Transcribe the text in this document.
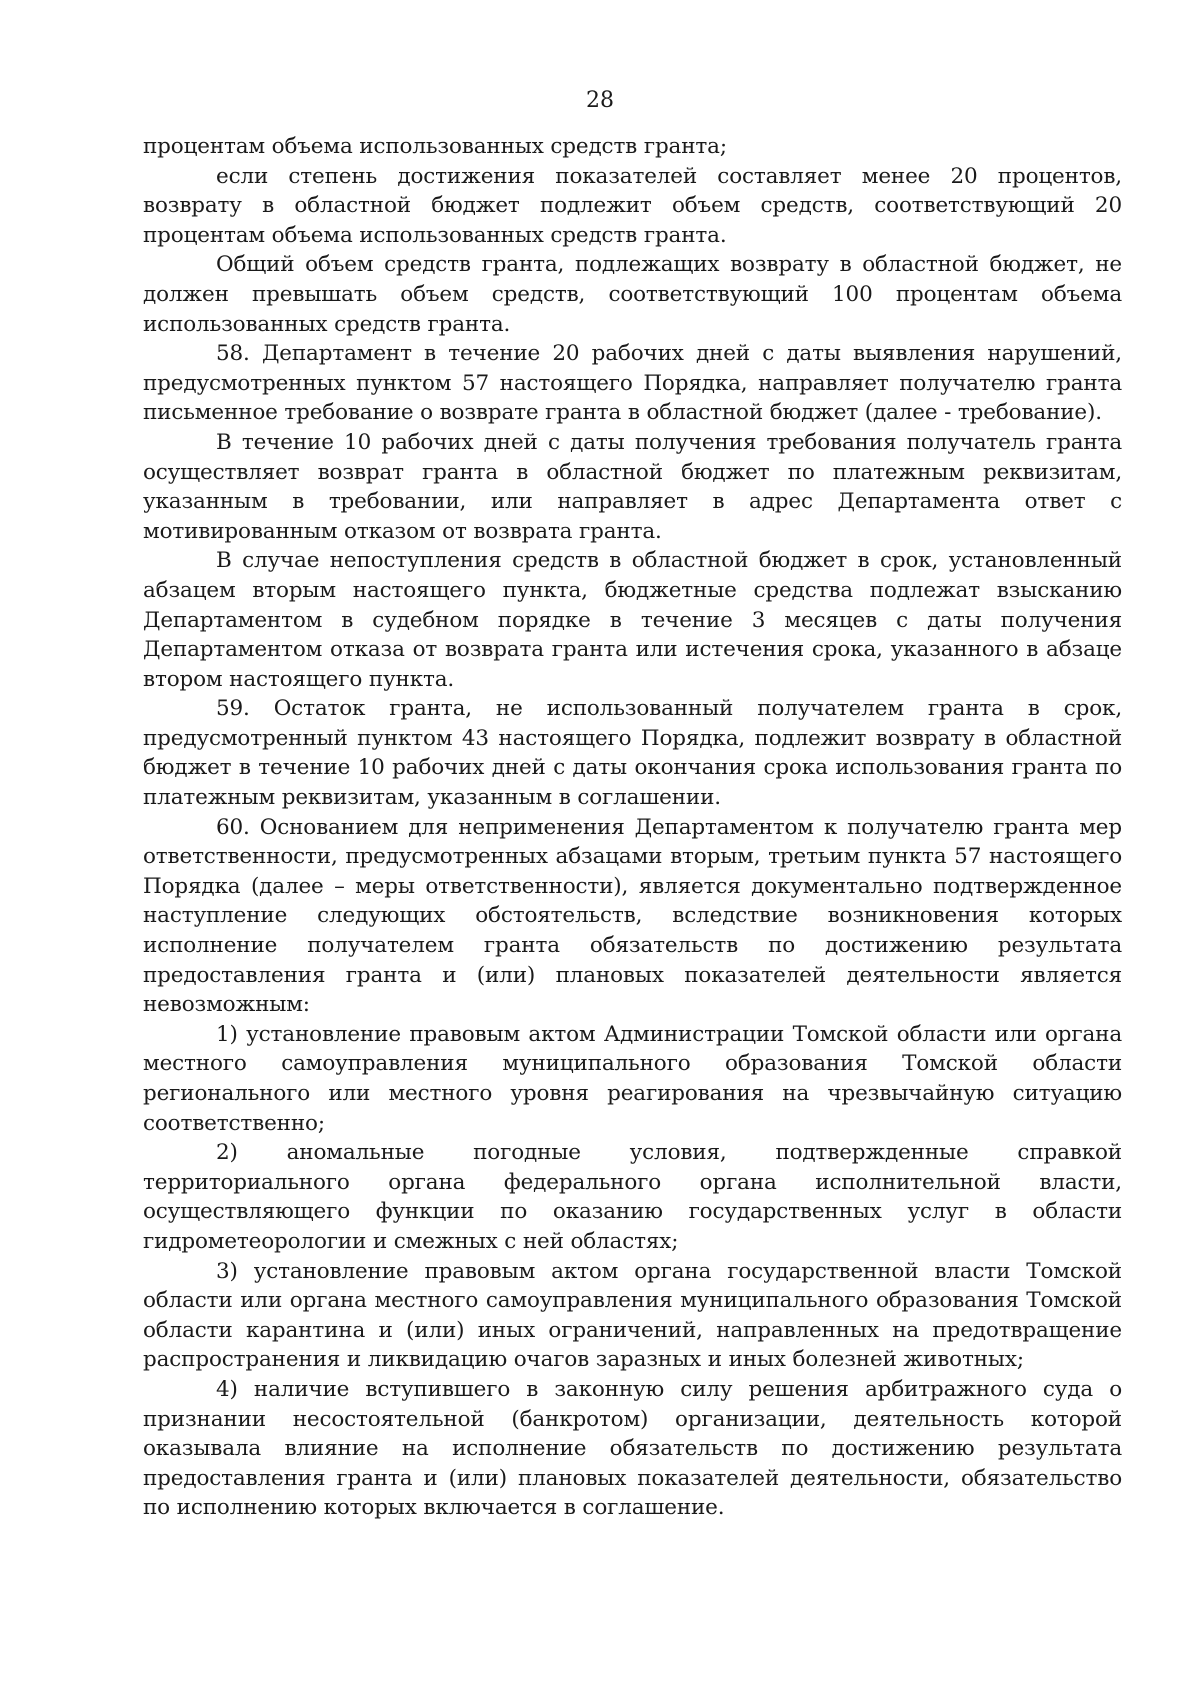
28

процентам объема использованных средств гранта;

если степень достижения показателей составляет менее 20 процентов, возврату в областной бюджет подлежит объем средств, соответствующий 20 процентам объема использованных средств гранта.

Общий объем средств гранта, подлежащих возврату в областной бюджет, не должен превышать объем средств, соответствующий 100 процентам объема использованных средств гранта.

58. Департамент в течение 20 рабочих дней с даты выявления нарушений, предусмотренных пунктом 57 настоящего Порядка, направляет получателю гранта письменное требование о возврате гранта в областной бюджет (далее - требование).

В течение 10 рабочих дней с даты получения требования получатель гранта осуществляет возврат гранта в областной бюджет по платежным реквизитам, указанным в требовании, или направляет в адрес Департамента ответ с мотивированным отказом от возврата гранта.

В случае непоступления средств в областной бюджет в срок, установленный абзацем вторым настоящего пункта, бюджетные средства подлежат взысканию Департаментом в судебном порядке в течение 3 месяцев с даты получения Департаментом отказа от возврата гранта или истечения срока, указанного в абзаце втором настоящего пункта.

59. Остаток гранта, не использованный получателем гранта в срок, предусмотренный пунктом 43 настоящего Порядка, подлежит возврату в областной бюджет в течение 10 рабочих дней с даты окончания срока использования гранта по платежным реквизитам, указанным в соглашении.

60. Основанием для неприменения Департаментом к получателю гранта мер ответственности, предусмотренных абзацами вторым, третьим пункта 57 настоящего Порядка (далее – меры ответственности), является документально подтвержденное наступление следующих обстоятельств, вследствие возникновения которых исполнение получателем гранта обязательств по достижению результата предоставления гранта и (или) плановых показателей деятельности является невозможным:

1) установление правовым актом Администрации Томской области или органа местного самоуправления муниципального образования Томской области регионального или местного уровня реагирования на чрезвычайную ситуацию соответственно;

2) аномальные погодные условия, подтвержденные справкой территориального органа федерального органа исполнительной власти, осуществляющего функции по оказанию государственных услуг в области гидрометеорологии и смежных с ней областях;

3) установление правовым актом органа государственной власти Томской области или органа местного самоуправления муниципального образования Томской области карантина и (или) иных ограничений, направленных на предотвращение распространения и ликвидацию очагов заразных и иных болезней животных;

4) наличие вступившего в законную силу решения арбитражного суда о признании несостоятельной (банкротом) организации, деятельность которой оказывала влияние на исполнение обязательств по достижению результата предоставления гранта и (или) плановых показателей деятельности, обязательство по исполнению которых включается в соглашение.
